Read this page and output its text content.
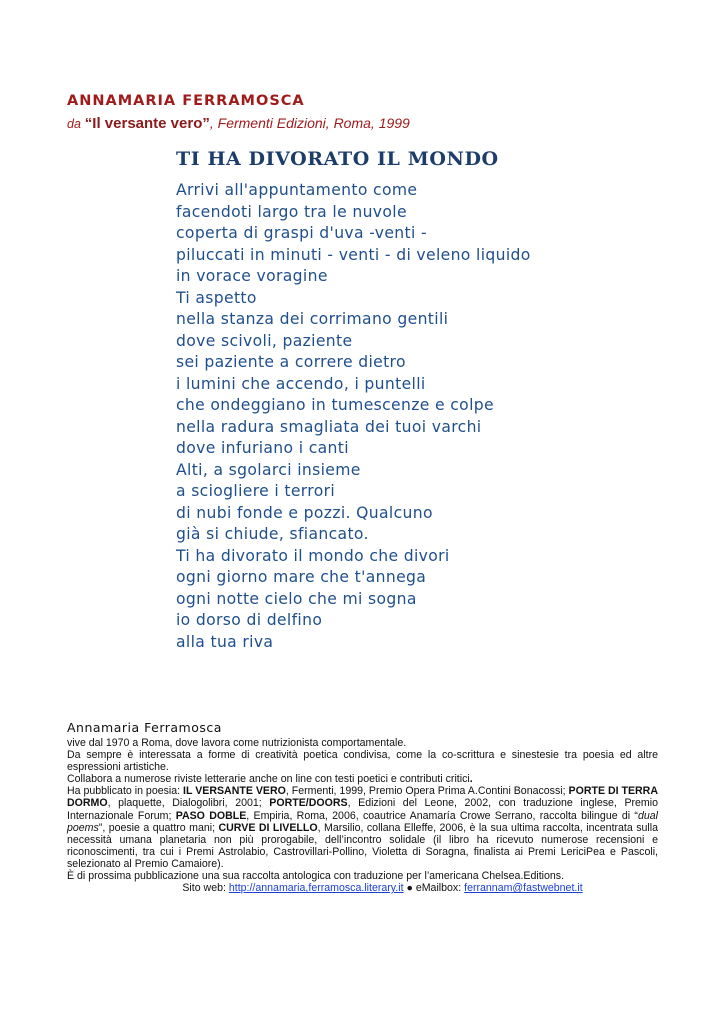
ANNAMARIA FERRAMOSCA
da “Il versante vero”, Fermenti Edizioni, Roma, 1999
TI HA DIVORATO IL MONDO
Arrivi all'appuntamento come
facendoti largo tra le nuvole
coperta di graspi d'uva -venti -
piluccati in minuti - venti - di veleno liquido
in vorace voragine
Ti aspetto
nella stanza dei corrimano gentili
dove scivoli, paziente
sei paziente a correre dietro
i lumini che accendo, i puntelli
che ondeggiano in tumescenze e colpe
nella radura smagliata dei tuoi varchi
dove infuriano i canti
Alti, a sgolarci insieme
a sciogliere i terrori
di nubi fonde e pozzi. Qualcuno
già si chiude, sfiancato.
Ti ha divorato il mondo che divori
ogni giorno mare che t'annega
ogni notte cielo che mi sogna
io dorso di delfino
alla tua riva
Annamaria Ferramosca

vive dal 1970 a Roma, dove lavora come nutrizionista comportamentale.

Da sempre è interessata a forme di creatività poetica condivisa, come la co-scrittura e sinestesie tra poesia ed altre espressioni artistiche.

Collabora a numerose riviste letterarie anche on line con testi poetici e contributi critici.

Ha pubblicato in poesia: IL VERSANTE VERO, Fermenti, 1999, Premio Opera Prima A.Contini Bonacossi; PORTE DI TERRA DORMO, plaquette, Dialogolibri, 2001; PORTE/DOORS, Edizioni del Leone, 2002, con traduzione inglese, Premio Internazionale Forum; PASO DOBLE, Empiria, Roma, 2006, coautrice Anamaría Crowe Serrano, raccolta bilingue di “dual poems”, poesie a quattro mani; CURVE DI LIVELLO, Marsilio, collana Elleffe, 2006, è la sua ultima raccolta, incentrata sulla necessità umana planetaria non più prorogabile, dell’incontro solidale (il libro ha ricevuto numerose recensioni e riconoscimenti, tra cui i Premi Astrolabio, Castrovillari-Pollino, Violetta di Soragna, finalista ai Premi LericiPea e Pascoli, selezionato al Premio Camaiore).

È di prossima pubblicazione una sua raccolta antologica con traduzione per l’americana Chelsea.Editions.

Sito web: http://annamaria,ferramosca.literary.it ● eMailbox: ferrannam@fastwebnet.it
